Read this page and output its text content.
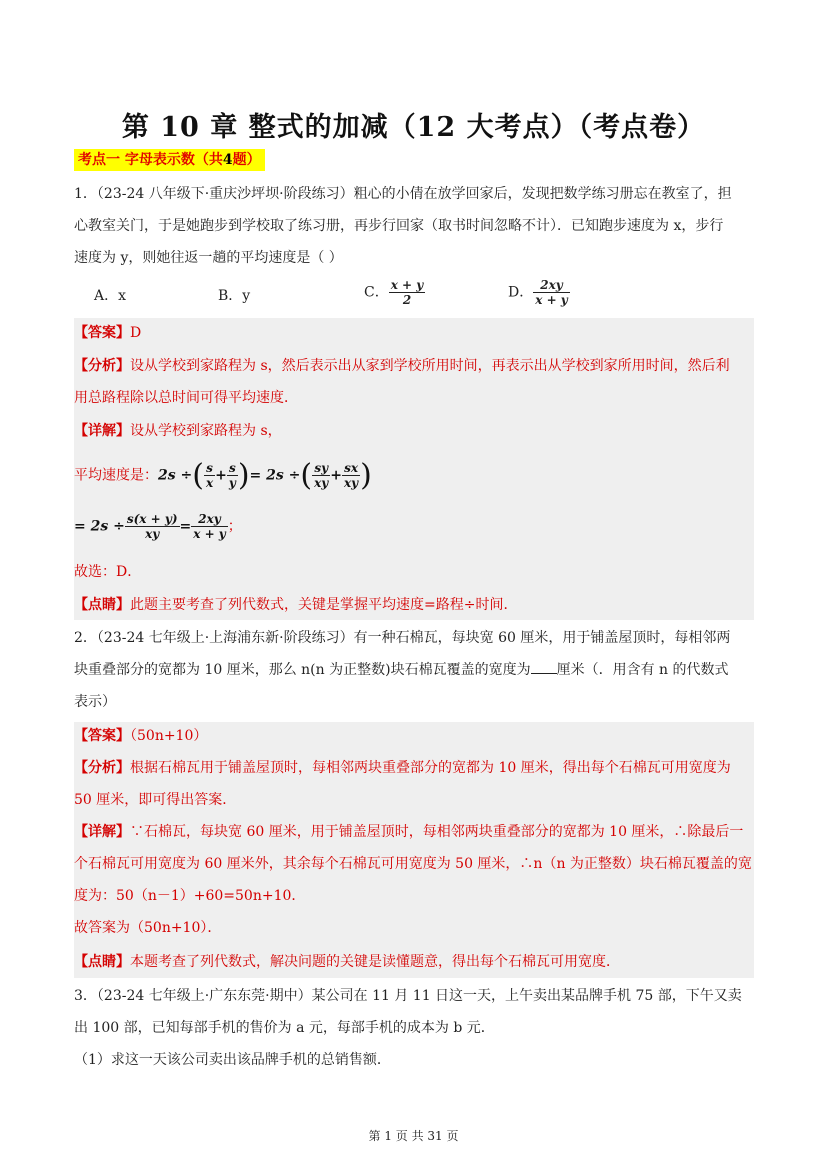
第 10 章 整式的加减（12 大考点）（考点卷）
考点一 字母表示数（共4题）
1．（23-24 八年级下·重庆沙坪坝·阶段练习）粗心的小倩在放学回家后，发现把数学练习册忘在教室了，担
心教室关门，于是她跑步到学校取了练习册，再步行回家（取书时间忽略不计）．已知跑步速度为 x，步行
速度为 y，则她往返一趟的平均速度是（ ）
A．x	B．y	C． $\frac{x + y}{2}$	D． $\frac{2xy}{x + y}$
【答案】D
【分析】设从学校到家路程为 s，然后表示出从家到学校所用时间，再表示出从学校到家所用时间，然后利
用总路程除以总时间可得平均速度．
【详解】设从学校到家路程为 s，
平均速度是：2s ÷( $\frac{s}{x} + \frac{s}{y}$ )= 2s ÷( $\frac{sy}{xy} + \frac{sx}{xy}$ )
= $2s \div \frac{s(x + y)}{xy} = \frac{2xy}{x + y}$ ；
故选：D．
【点睛】此题主要考查了列代数式，关键是掌握平均速度=路程÷时间．
2．（23-24 七年级上·上海浦东新·阶段练习）有一种石棉瓦，每块宽 60 厘米，用于铺盖屋顶时，每相邻两
块重叠部分的宽都为 10 厘米，那么 n(n 为正整数)块石棉瓦覆盖的宽度为 厘米（．用含有 n 的代数式
表示）
【答案】（50n+10）
【分析】根据石棉瓦用于铺盖屋顶时，每相邻两块重叠部分的宽都为 10 厘米，得出每个石棉瓦可用宽度为
50 厘米，即可得出答案．
【详解】∵石棉瓦，每块宽 60 厘米，用于铺盖屋顶时，每相邻两块重叠部分的宽都为 10 厘米，∴除最后一
个石棉瓦可用宽度为 60 厘米外，其余每个石棉瓦可用宽度为 50 厘米，∴n（n 为正整数）块石棉瓦覆盖的宽
度为：50（n－1）+60=50n+10．
故答案为（50n+10）．
【点睛】本题考查了列代数式，解决问题的关键是读懂题意，得出每个石棉瓦可用宽度．
3．（23-24 七年级上·广东东莞·期中）某公司在 11 月 11 日这一天，上午卖出某品牌手机 75 部，下午又卖
出 100 部，已知每部手机的售价为 a 元，每部手机的成本为 b 元．
（1）求这一天该公司卖出该品牌手机的总销售额．
第 1 页 共 31 页
